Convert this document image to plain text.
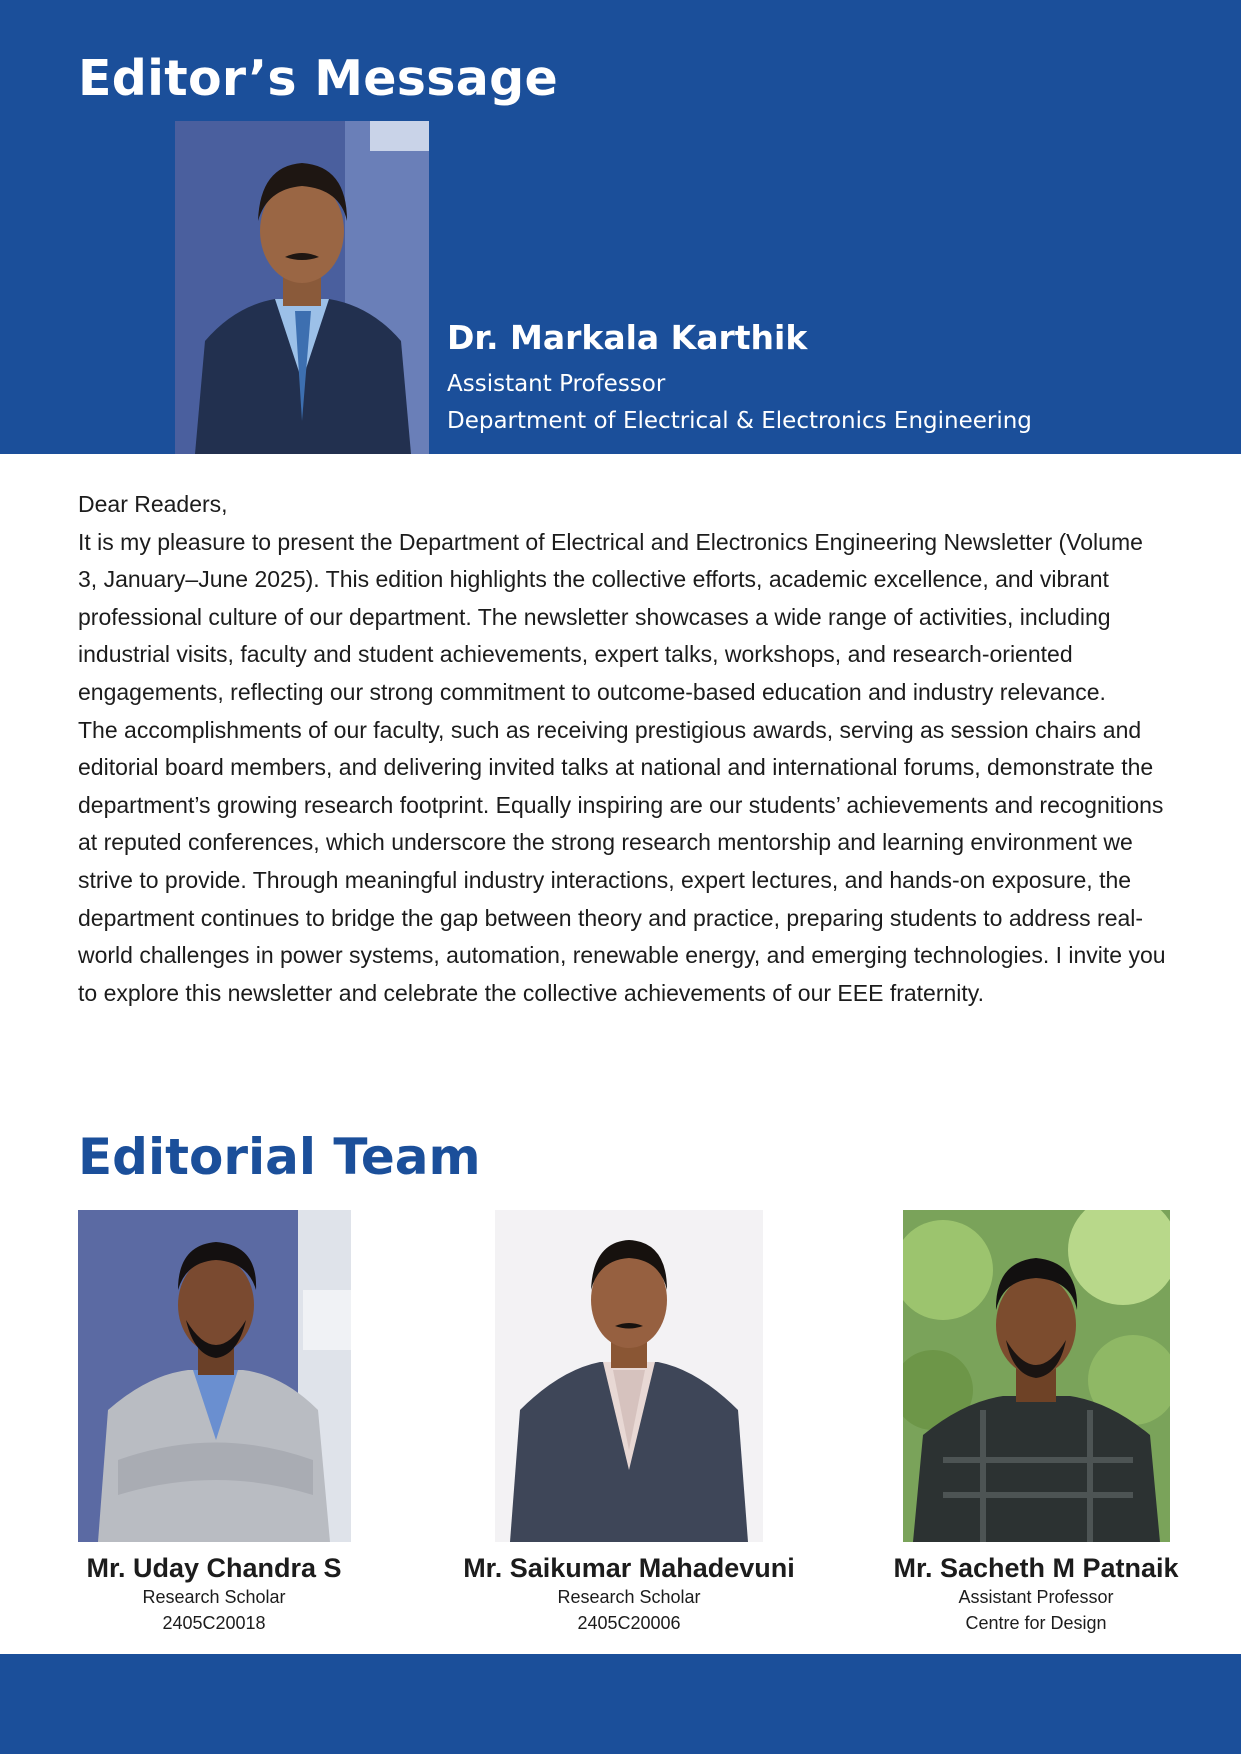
Editor’s Message

Dr. Markala Karthik

Assistant Professor

Department of Electrical & Electronics Engineering

Dear Readers,

It is my pleasure to present the Department of Electrical and Electronics Engineering Newsletter (Volume 3, January–June 2025). This edition highlights the collective efforts, academic excellence, and vibrant professional culture of our department. The newsletter showcases a wide range of activities, including industrial visits, faculty and student achievements, expert talks, workshops, and research-oriented engagements, reflecting our strong commitment to outcome-based education and industry relevance.

The accomplishments of our faculty, such as receiving prestigious awards, serving as session chairs and editorial board members, and delivering invited talks at national and international forums, demonstrate the department’s growing research footprint. Equally inspiring are our students’ achievements and recognitions at reputed conferences, which underscore the strong research mentorship and learning environment we strive to provide. Through meaningful industry interactions, expert lectures, and hands-on exposure, the department continues to bridge the gap between theory and practice, preparing students to address real-world challenges in power systems, automation, renewable energy, and emerging technologies. I invite you to explore this newsletter and celebrate the collective achievements of our EEE fraternity.

Editorial Team
Mr. Uday Chandra S
Research Scholar
2405C20018
Mr. Saikumar Mahadevuni
Research Scholar
2405C20006
Mr. Sacheth M Patnaik
Assistant Professor
Centre for Design
